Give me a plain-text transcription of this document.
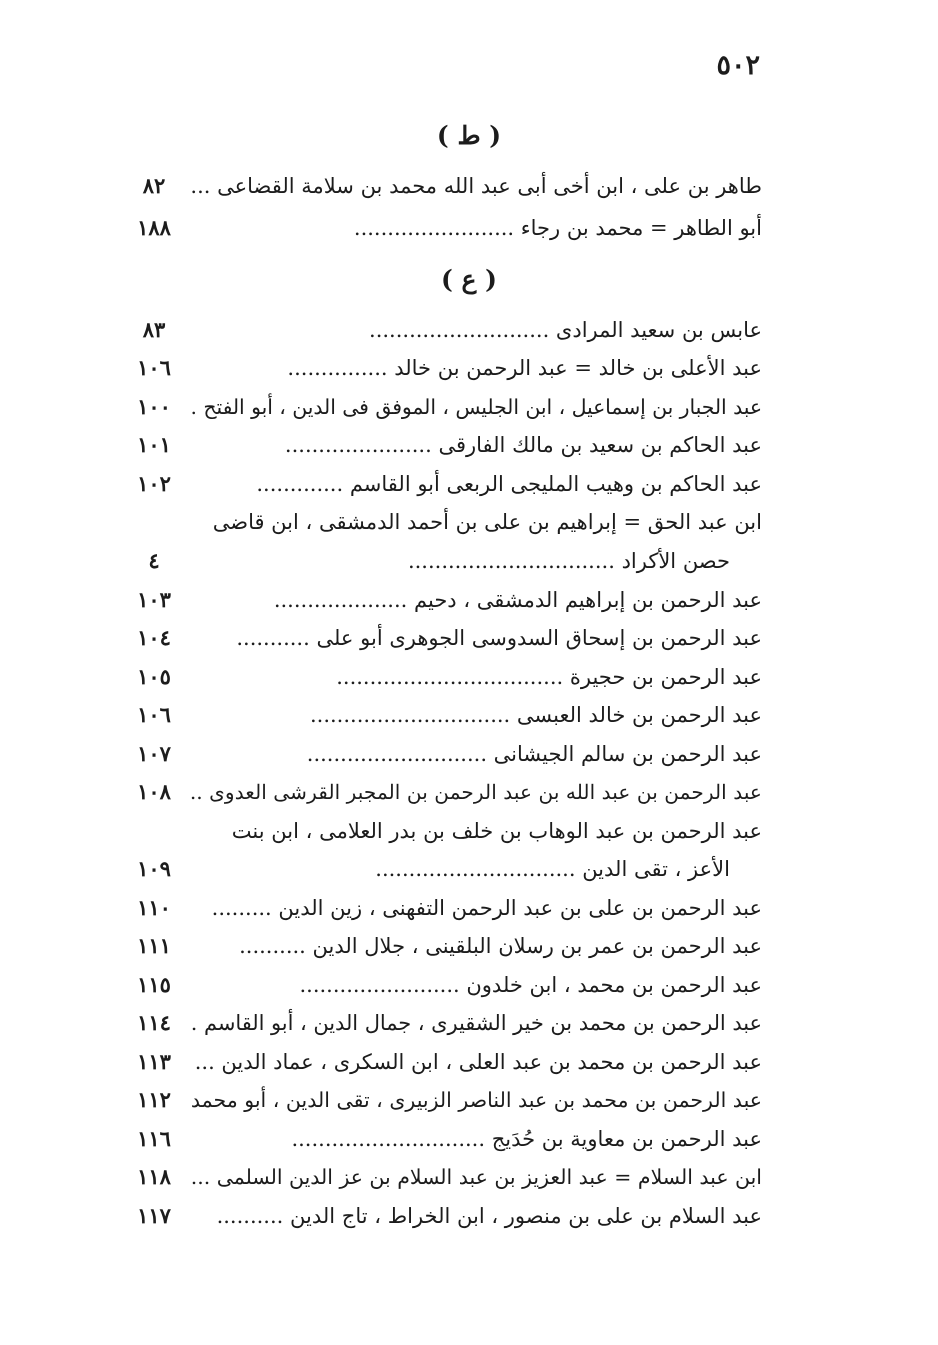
٥٠٢
( ط )
طاهر بن على ، ابن أخى أبى عبد الله محمد بن سلامة القضاعى ...
٨٢
أبو الطاهر = محمد بن رجاء ........................
١٨٨
( ع )
عابس بن سعيد المرادى ...........................
٨٣
عبد الأعلى بن خالد = عبد الرحمن بن خالد ...............
١٠٦
عبد الجبار بن إسماعيل ، ابن الجليس ، الموفق فى الدين ، أبو الفتح .
١٠٠
عبد الحاكم بن سعيد بن مالك الفارقى ......................
١٠١
عبد الحاكم بن وهيب المليجى الربعى أبو القاسم .............
١٠٢
ابن عبد الحق = إبراهيم بن على بن أحمد الدمشقى ، ابن قاضى
حصن الأكراد ...............................
٤
عبد الرحمن بن إبراهيم الدمشقى ، دحيم ....................
١٠٣
عبد الرحمن بن إسحاق السدوسى الجوهرى أبو على ...........
١٠٤
عبد الرحمن بن حجيرة ..................................
١٠٥
عبد الرحمن بن خالد العبسى ..............................
١٠٦
عبد الرحمن بن سالم الجيشانى ...........................
١٠٧
عبد الرحمن بن عبد الله بن عبد الرحمن بن المجبر القرشى العدوى ..
١٠٨
عبد الرحمن بن عبد الوهاب بن خلف بن بدر العلامى ، ابن بنت
الأعز ، تقى الدين ..............................
١٠٩
عبد الرحمن بن على بن عبد الرحمن التفهنى ، زين الدين .........
١١٠
عبد الرحمن بن عمر بن رسلان البلقينى ، جلال الدين ..........
١١١
عبد الرحمن بن محمد ، ابن خلدون ........................
١١٥
عبد الرحمن بن محمد بن خير الشقيرى ، جمال الدين ، أبو القاسم .
١١٤
عبد الرحمن بن محمد بن عبد العلى ، ابن السكرى ، عماد الدين ...
١١٣
عبد الرحمن بن محمد بن عبد الناصر الزبيرى ، تقى الدين ، أبو محمد
١١٢
عبد الرحمن بن معاوية بن حُدَيج .............................
١١٦
ابن عبد السلام = عبد العزيز بن عبد السلام بن عز الدين السلمى ...
١١٨
عبد السلام بن على بن منصور ، ابن الخراط ، تاج الدين ..........
١١٧
